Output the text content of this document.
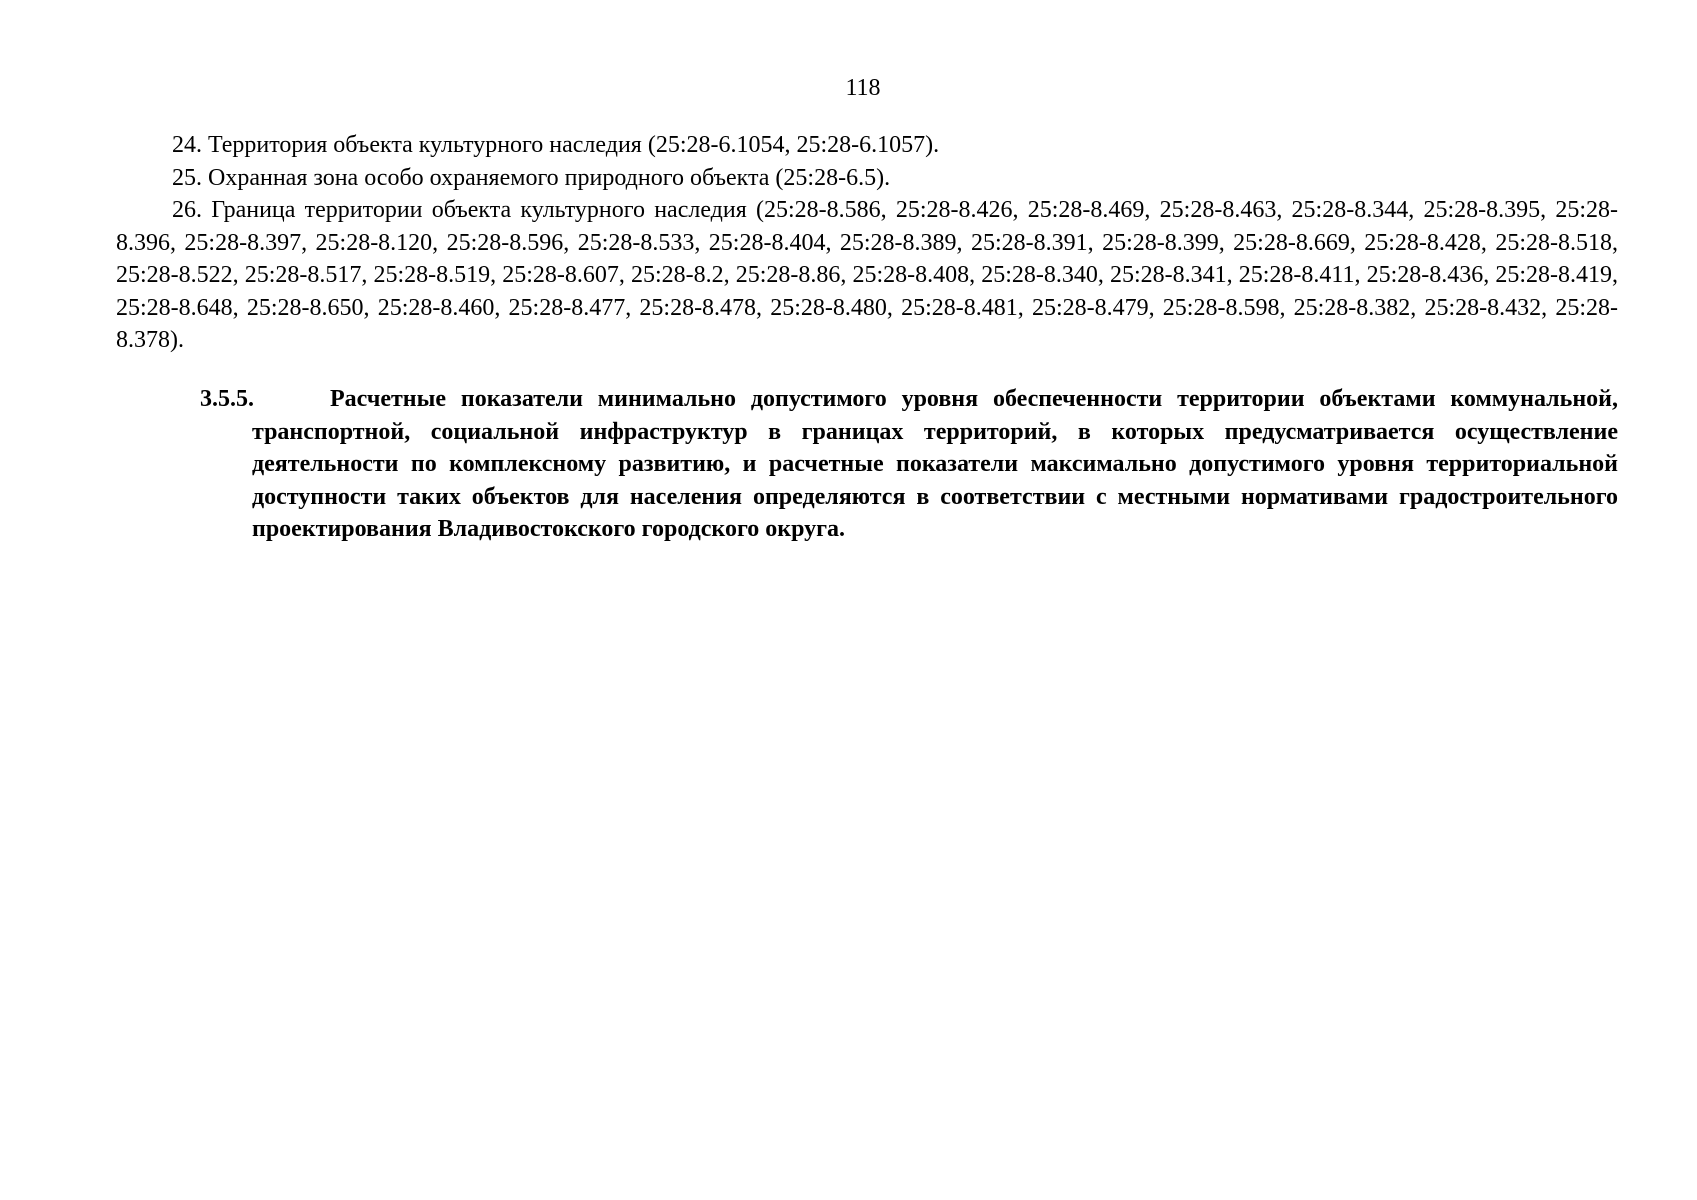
118

24. Территория объекта культурного наследия (25:28-6.1054, 25:28-6.1057).

25. Охранная зона особо охраняемого природного объекта (25:28-6.5).

26. Граница территории объекта культурного наследия (25:28-8.586, 25:28-8.426, 25:28-8.469, 25:28-8.463, 25:28-8.344, 25:28-8.395, 25:28-8.396, 25:28-8.397, 25:28-8.120, 25:28-8.596, 25:28-8.533, 25:28-8.404, 25:28-8.389, 25:28-8.391, 25:28-8.399, 25:28-8.669, 25:28-8.428, 25:28-8.518, 25:28-8.522, 25:28-8.517, 25:28-8.519, 25:28-8.607, 25:28-8.2, 25:28-8.86, 25:28-8.408, 25:28-8.340, 25:28-8.341, 25:28-8.411, 25:28-8.436, 25:28-8.419, 25:28-8.648, 25:28-8.650, 25:28-8.460, 25:28-8.477, 25:28-8.478, 25:28-8.480, 25:28-8.481, 25:28-8.479, 25:28-8.598, 25:28-8.382, 25:28-8.432, 25:28-8.378).

3.5.5.	Расчетные показатели минимально допустимого уровня обеспеченности территории объектами коммунальной, транспортной, социальной инфраструктур в границах территорий, в которых предусматривается осуществление деятельности по комплексному развитию, и расчетные показатели максимально допустимого уровня территориальной доступности таких объектов для населения определяются в соответствии с местными нормативами градостроительного проектирования Владивостокского городского округа.
